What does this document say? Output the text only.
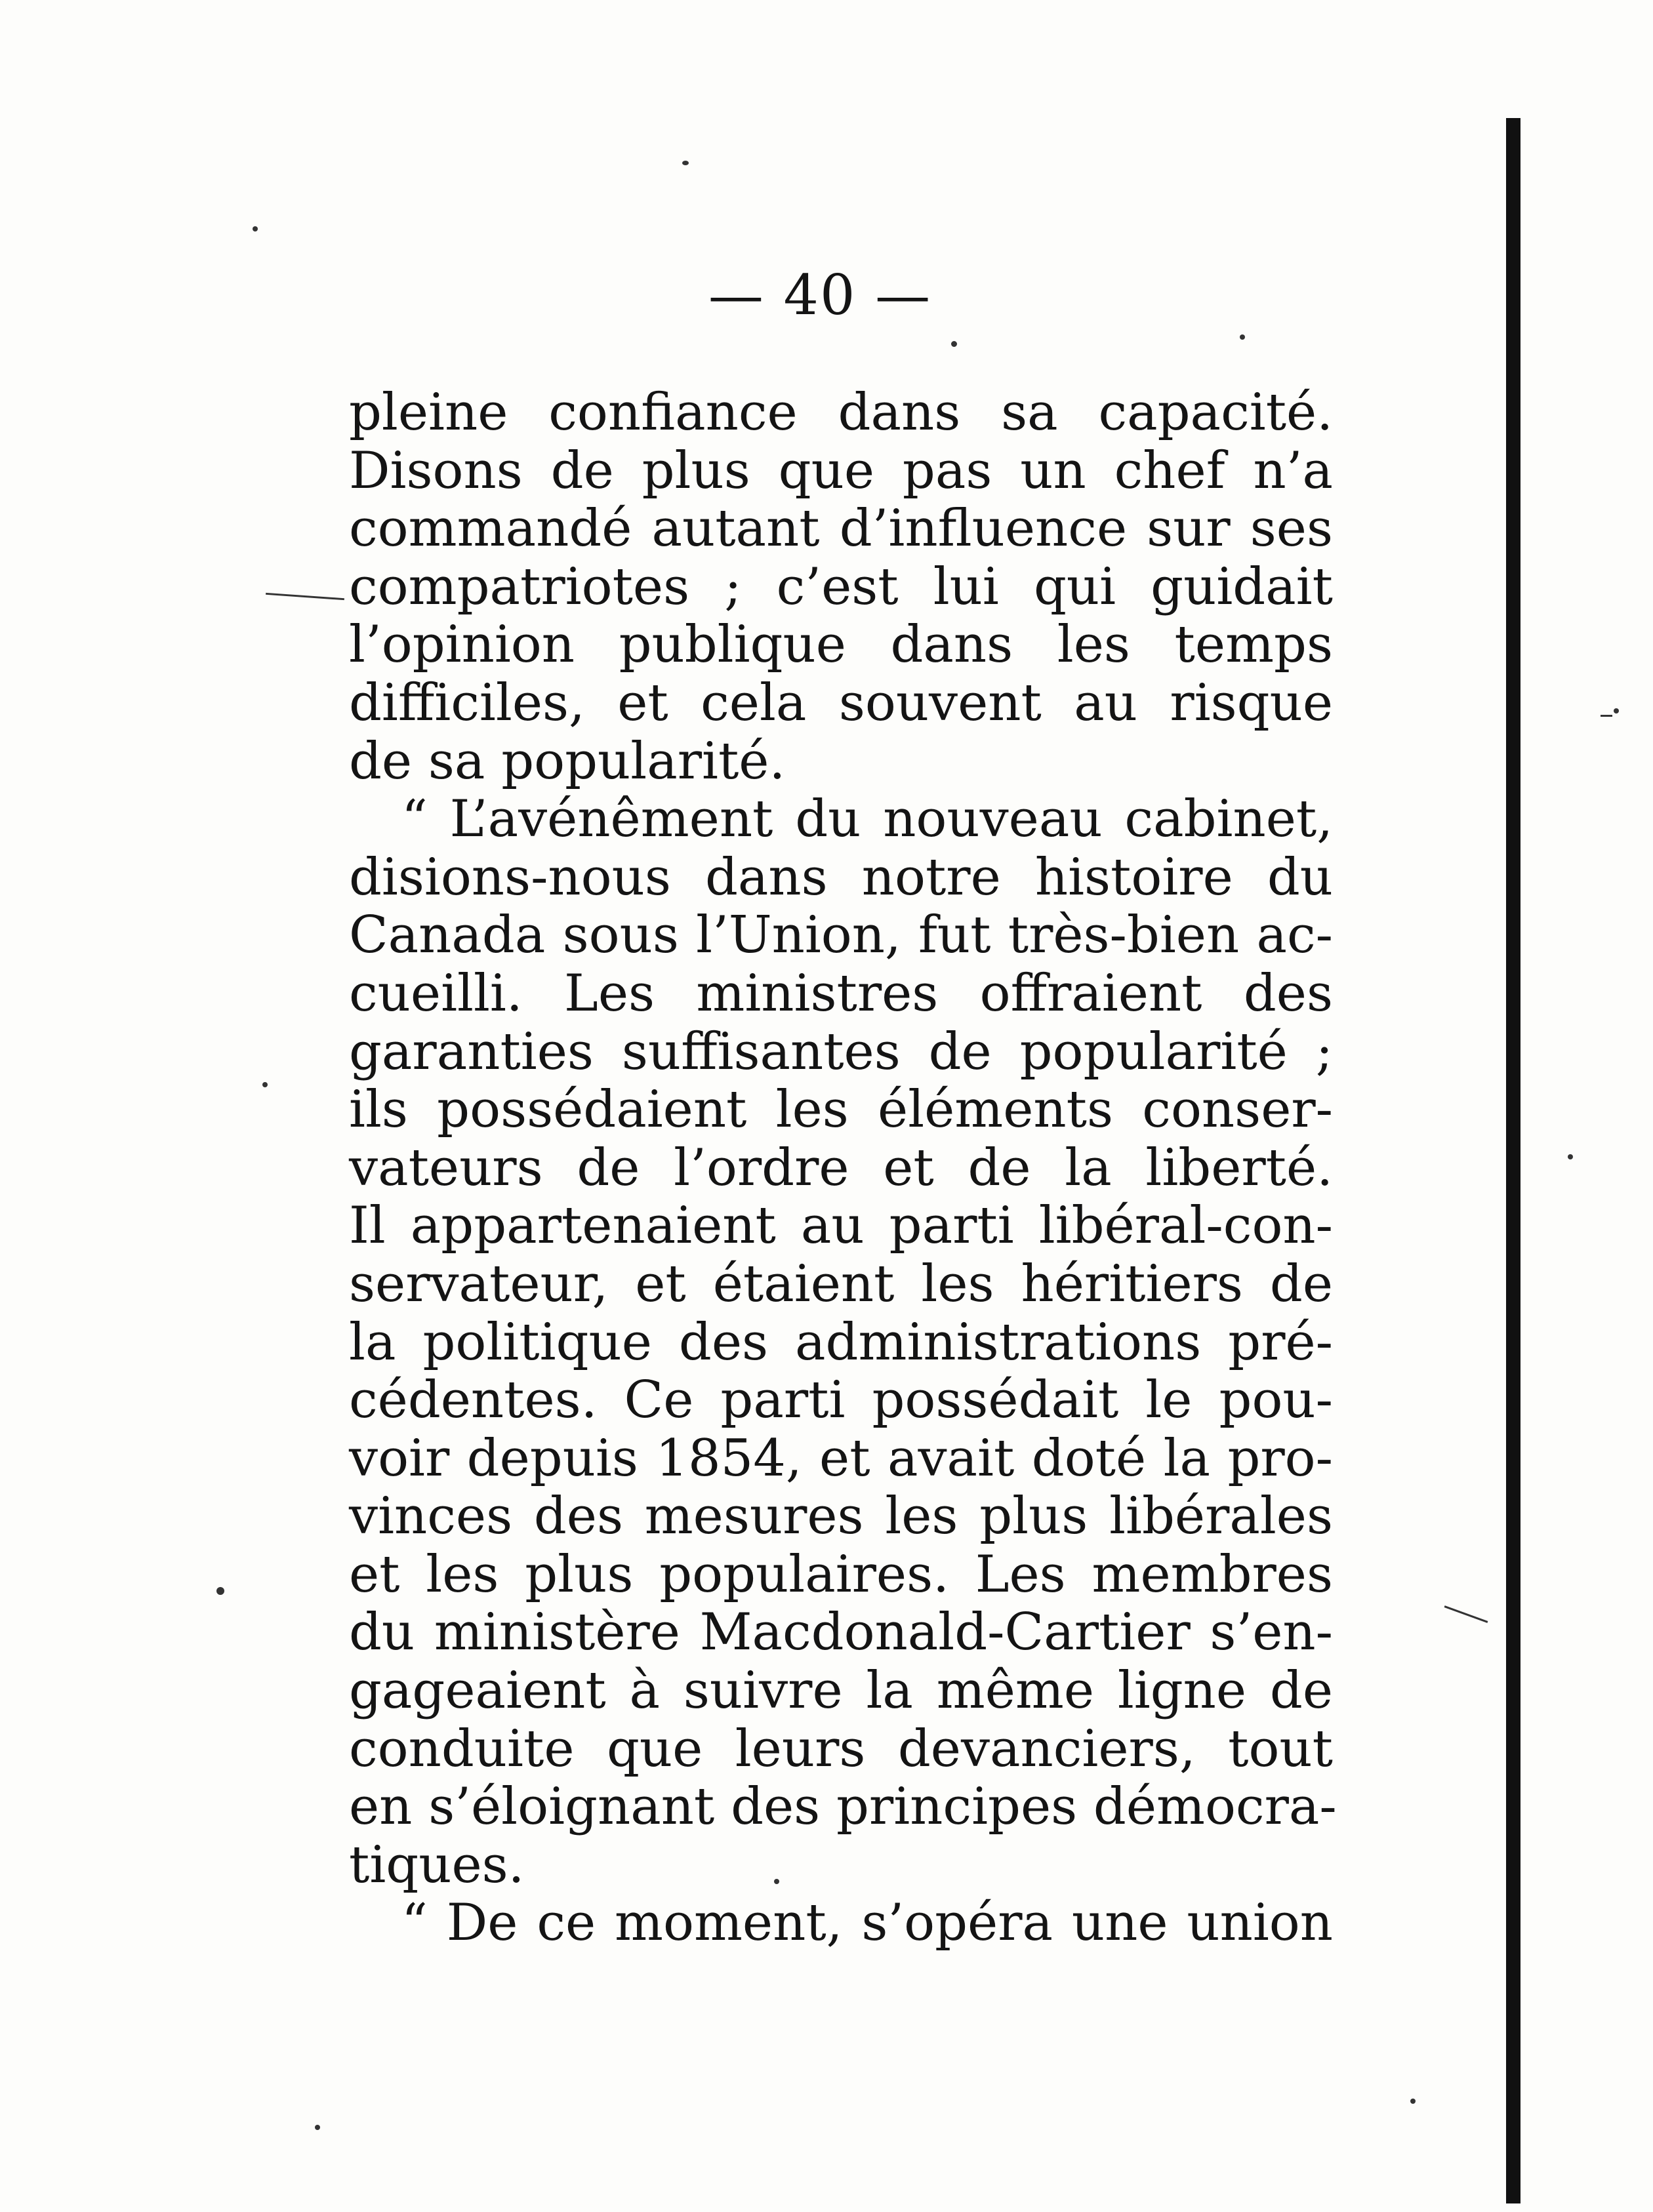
— 40 —
pleine confiance dans sa capacité.
Disons de plus que pas un chef n’a
commandé autant d’influence sur ses
compatriotes ; c’est lui qui guidait
l’opinion publique dans les temps
difficiles, et cela souvent au risque
de sa popularité.
“ L’avénêment du nouveau cabinet,
disions-nous dans notre histoire du
Canada sous l’Union, fut très-bien ac-
cueilli. Les ministres offraient des
garanties suffisantes de popularité ;
ils possédaient les éléments conser-
vateurs de l’ordre et de la liberté.
Il appartenaient au parti libéral-con-
servateur, et étaient les héritiers de
la politique des administrations pré-
cédentes. Ce parti possédait le pou-
voir depuis 1854, et avait doté la pro-
vinces des mesures les plus libérales
et les plus populaires. Les membres
du ministère Macdonald-Cartier s’en-
gageaient à suivre la même ligne de
conduite que leurs devanciers, tout
en s’éloignant des principes démocra-
tiques.
“ De ce moment, s’opéra une union
